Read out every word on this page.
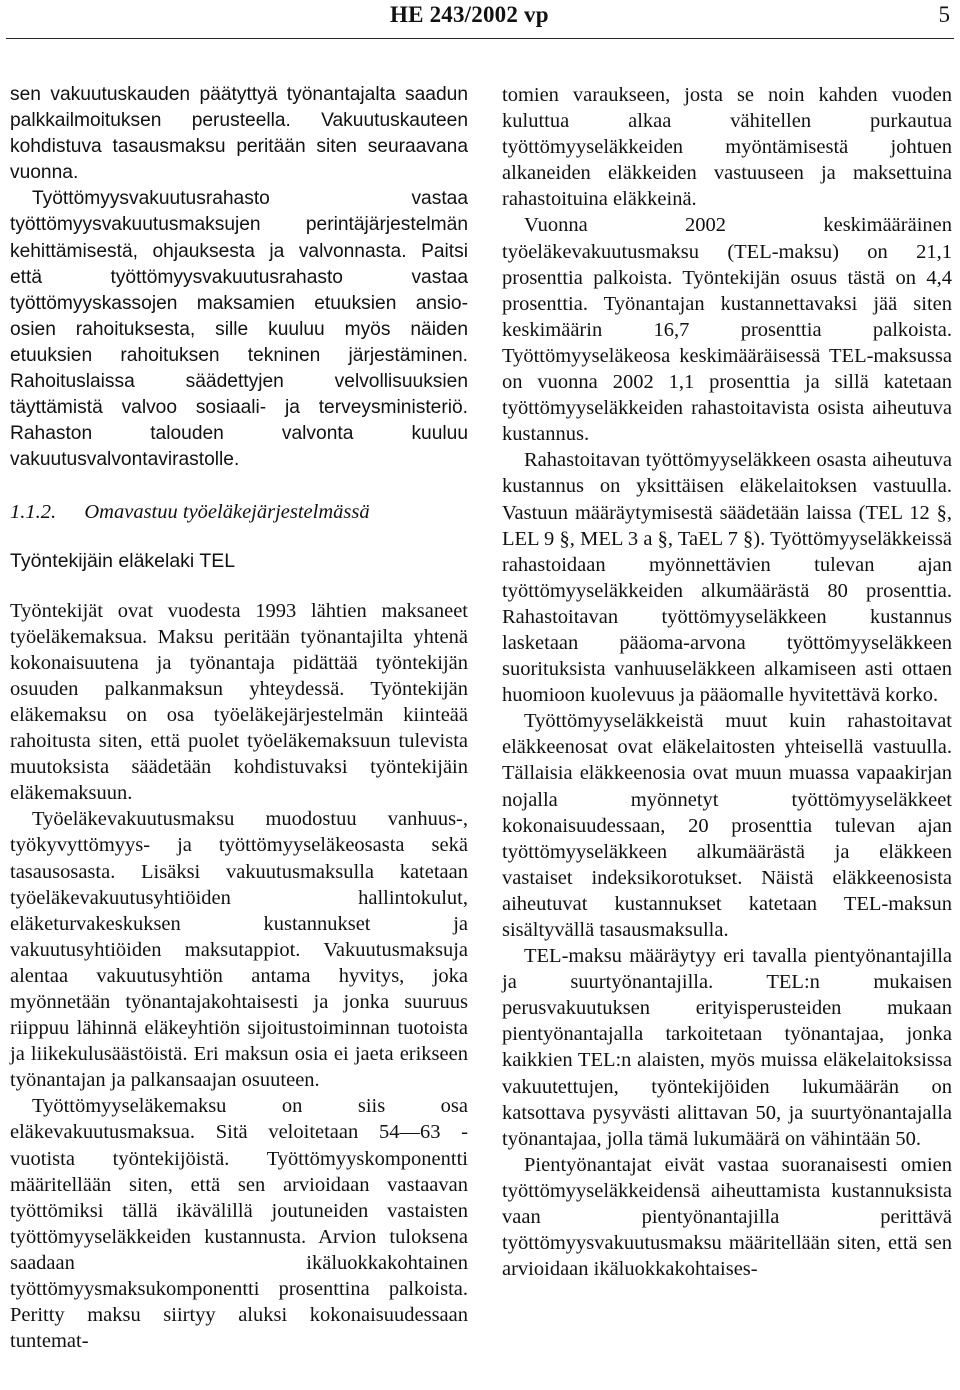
HE 243/2002 vp	5

sen vakuutuskauden päätyttyä työnantajalta saadun palkkailmoituksen perusteella. Vakuutuskauteen kohdistuva tasausmaksu peritään siten seuraavana vuonna.

Työttömyysvakuutusrahasto vastaa työttömyysvakuutusmaksujen perintäjärjestelmän kehittämisestä, ohjauksesta ja valvonnasta. Paitsi että työttömyysvakuutusrahasto vastaa työttömyyskassojen maksamien etuuksien ansio-osien rahoituksesta, sille kuuluu myös näiden etuuksien rahoituksen tekninen järjestäminen. Rahoituslaissa säädettyjen velvollisuuksien täyttämistä valvoo sosiaali- ja terveysministeriö. Rahaston talouden valvonta kuuluu vakuutusvalvontavirastolle.

1.1.2. Omavastuu työeläkejärjestelmässä
Työntekijäin eläkelaki TEL

Työntekijät ovat vuodesta 1993 lähtien maksaneet työeläkemaksua. Maksu peritään työnantajilta yhtenä kokonaisuutena ja työnantaja pidättää työntekijän osuuden palkanmaksun yhteydessä. Työntekijän eläkemaksu on osa työeläkejärjestelmän kiinteää rahoitusta siten, että puolet työeläkemaksuun tulevista muutoksista säädetään kohdistuvaksi työntekijäin eläkemaksuun.

Työeläkevakuutusmaksu muodostuu vanhuus-, työkyvyttömyys- ja työttömyyseläkeosasta sekä tasausosasta. Lisäksi vakuutusmaksulla katetaan työeläkevakuutusyhtiöiden hallintokulut, eläketurvakeskuksen kustannukset ja vakuutusyhtiöiden maksutappiot. Vakuutusmaksuja alentaa vakuutusyhtiön antama hyvitys, joka myönnetään työnantajakohtaisesti ja jonka suuruus riippuu lähinnä eläkeyhtiön sijoitustoiminnan tuotoista ja liikekulusäästöistä. Eri maksun osia ei jaeta erikseen työnantajan ja palkansaajan osuuteen.

Työttömyyseläkemaksu on siis osa eläkevakuutusmaksua. Sitä veloitetaan 54—63 -vuotista työntekijöistä. Työttömyyskomponentti määritellään siten, että sen arvioidaan vastaavan työttömiksi tällä ikävälillä joutuneiden vastaisten työttömyyseläkkeiden kustannusta. Arvion tuloksena saadaan ikäluokkakohtainen työttömyysmaksukomponentti prosenttina palkoista. Peritty maksu siirtyy aluksi kokonaisuudessaan tuntemat-

tomien varaukseen, josta se noin kahden vuoden kuluttua alkaa vähitellen purkautua työttömyyseläkkeiden myöntämisestä johtuen alkaneiden eläkkeiden vastuuseen ja maksettuina rahastoituina eläkkeinä.

Vuonna 2002 keskimääräinen työeläkevakuutusmaksu (TEL-maksu) on 21,1 prosenttia palkoista. Työntekijän osuus tästä on 4,4 prosenttia. Työnantajan kustannettavaksi jää siten keskimäärin 16,7 prosenttia palkoista. Työttömyyseläkeosa keskimääräisessä TEL-maksussa on vuonna 2002 1,1 prosenttia ja sillä katetaan työttömyyseläkkeiden rahastoitavista osista aiheutuva kustannus.

Rahastoitavan työttömyyseläkkeen osasta aiheutuva kustannus on yksittäisen eläkelaitoksen vastuulla. Vastuun määräytymisestä säädetään laissa (TEL 12 §, LEL 9 §, MEL 3 a §, TaEL 7 §). Työttömyyseläkkeissä rahastoidaan myönnettävien tulevan ajan työttömyyseläkkeiden alkumäärästä 80 prosenttia. Rahastoitavan työttömyyseläkkeen kustannus lasketaan pääoma-arvona työttömyyseläkkeen suorituksista vanhuuseläkkeen alkamiseen asti ottaen huomioon kuolevuus ja pääomalle hyvitettävä korko.

Työttömyyseläkkeistä muut kuin rahastoitavat eläkkeenosat ovat eläkelaitosten yhteisellä vastuulla. Tällaisia eläkkeenosia ovat muun muassa vapaakirjan nojalla myönnetyt työttömyyseläkkeet kokonaisuudessaan, 20 prosenttia tulevan ajan työttömyyseläkkeen alkumäärästä ja eläkkeen vastaiset indeksikorotukset. Näistä eläkkeenosista aiheutuvat kustannukset katetaan TEL-maksun sisältyvällä tasausmaksulla.

TEL-maksu määräytyy eri tavalla pientyönantajilla ja suurtyönantajilla. TEL:n mukaisen perusvakuutuksen erityisperusteiden mukaan pientyönantajalla tarkoitetaan työnantajaa, jonka kaikkien TEL:n alaisten, myös muissa eläkelaitoksissa vakuutettujen, työntekijöiden lukumäärän on katsottava pysyvästi alittavan 50, ja suurtyönantajalla työnantajaa, jolla tämä lukumäärä on vähintään 50.

Pientyönantajat eivät vastaa suoranaisesti omien työttömyyseläkkeidensä aiheuttamista kustannuksista vaan pientyönantajilla perittävä työttömyysvakuutusmaksu määritellään siten, että sen arvioidaan ikäluokkakohtaises-
